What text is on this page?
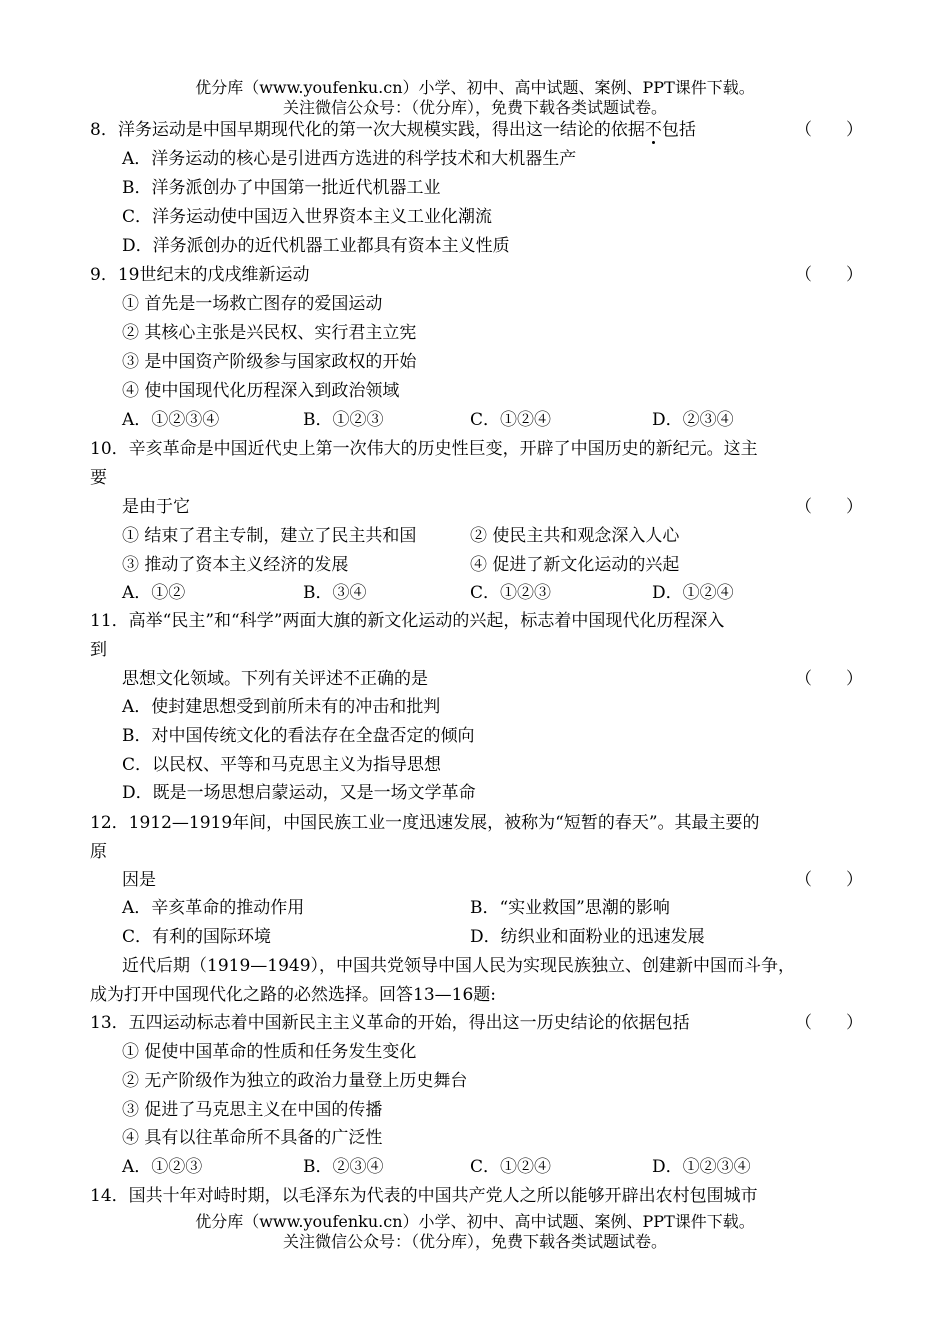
优分库（www.youfenku.cn）小学、初中、高中试题、案例、PPT课件下载。
关注微信公众号：（优分库），免费下载各类试题试卷。
8．洋务运动是中国早期现代化的第一次大规模实践，得出这一结论的依据不包括	（　　）
A．洋务运动的核心是引进西方选进的科学技术和大机器生产
B．洋务派创办了中国第一批近代机器工业
C．洋务运动使中国迈入世界资本主义工业化潮流
D．洋务派创办的近代机器工业都具有资本主义性质
9．19世纪末的戊戌维新运动	（　　）
① 首先是一场救亡图存的爱国运动
② 其核心主张是兴民权、实行君主立宪
③ 是中国资产阶级参与国家政权的开始
④ 使中国现代化历程深入到政治领域
A．①②③④	B．①②③	C．①②④	D．②③④
10．辛亥革命是中国近代史上第一次伟大的历史性巨变，开辟了中国历史的新纪元。这主
要
是由于它	（　　）
① 结束了君主专制，建立了民主共和国	② 使民主共和观念深入人心
③ 推动了资本主义经济的发展	④ 促进了新文化运动的兴起
A．①②	B．③④	C．①②③	D．①②④
11．高举“民主”和“科学”两面大旗的新文化运动的兴起，标志着中国现代化历程深入
到
思想文化领域。下列有关评述不正确的是	（　　）
A．使封建思想受到前所未有的冲击和批判
B．对中国传统文化的看法存在全盘否定的倾向
C．以民权、平等和马克思主义为指导思想
D．既是一场思想启蒙运动，又是一场文学革命
12．1912—1919年间，中国民族工业一度迅速发展，被称为“短暂的春天”。其最主要的
原
因是	（　　）
A．辛亥革命的推动作用	B．“实业救国”思潮的影响
C．有利的国际环境	D．纺织业和面粉业的迅速发展
近代后期（1919—1949），中国共党领导中国人民为实现民族独立、创建新中国而斗争，
成为打开中国现代化之路的必然选择。回答13—16题:
13．五四运动标志着中国新民主主义革命的开始，得出这一历史结论的依据包括	（　　）
① 促使中国革命的性质和任务发生变化
② 无产阶级作为独立的政治力量登上历史舞台
③ 促进了马克思主义在中国的传播
④ 具有以往革命所不具备的广泛性
A．①②③	B．②③④	C．①②④	D．①②③④
14．国共十年对峙时期，以毛泽东为代表的中国共产党人之所以能够开辟出农村包围城市
优分库（www.youfenku.cn）小学、初中、高中试题、案例、PPT课件下载。
关注微信公众号：（优分库），免费下载各类试题试卷。
